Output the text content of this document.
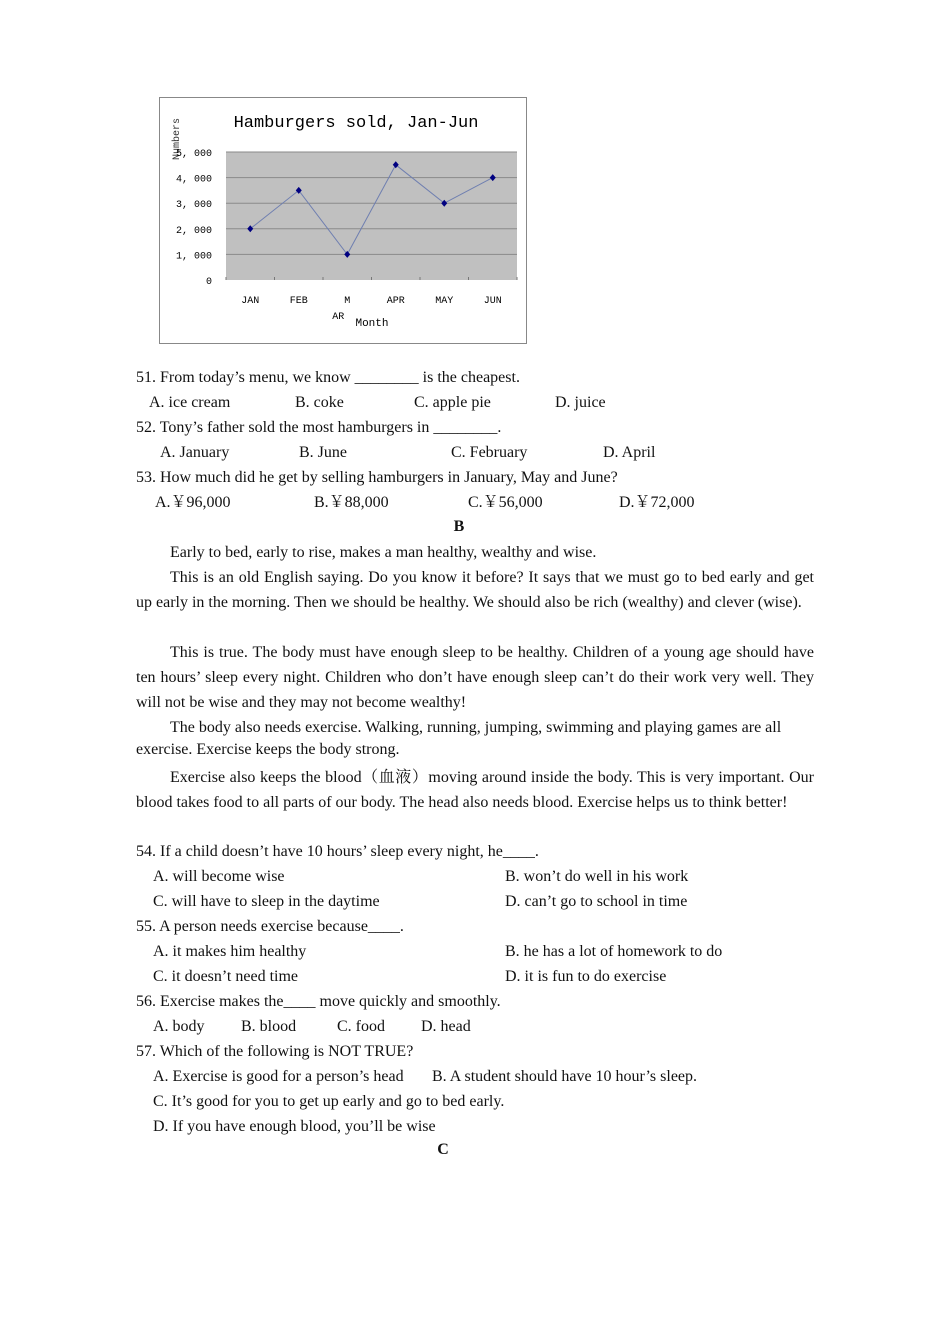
Hamburgers sold, Jan-Jun
Numbers
0
1, 000
2, 000
3, 000
4, 000
5, 000
JAN	FEB	M
AR
APR	MAY	JUN
Month
51. From today’s menu, we know ________ is the cheapest.
A. ice cream	B. coke	C. apple pie	D. juice
52. Tony’s father sold the most hamburgers in ________.
A. January	B. June	C. February	D. April
53. How much did he get by selling hamburgers in January, May and June?
A.￥96,000	B.￥88,000	C.￥56,000	D.￥72,000
B
Early to bed, early to rise, makes a man healthy, wealthy and wise.
This is an old English saying. Do you know it before? It says that we must go to bed early and get up early in the morning. Then we should be healthy. We should also be rich (wealthy) and clever (wise).
This is true. The body must have enough sleep to be healthy. Children of a young age should have ten hours’ sleep every night. Children who don’t have enough sleep can’t do their work very well. They will not be wise and they may not become wealthy!
The body also needs exercise. Walking, running, jumping, swimming and playing games are all
exercise. Exercise keeps the body strong.
Exercise also keeps the blood（血液）moving around inside the body. This is very important. Our blood takes food to all parts of our body. The head also needs blood. Exercise helps us to think better!
54. If a child doesn’t have 10 hours’ sleep every night, he____.
A. will become wise	B. won’t do well in his work
C. will have to sleep in the daytime	D. can’t go to school in time
55. A person needs exercise because____.
A. it makes him healthy	B. he has a lot of homework to do
C. it doesn’t need time	D. it is fun to do exercise
56. Exercise makes the____ move quickly and smoothly.
A. body B. blood	C. food D. head
57. Which of the following is NOT TRUE?
A. Exercise is good for a person’s head B. A student should have 10 hour’s sleep.
C. It’s good for you to get up early and go to bed early.
D. If you have enough blood, you’ll be wise
C
